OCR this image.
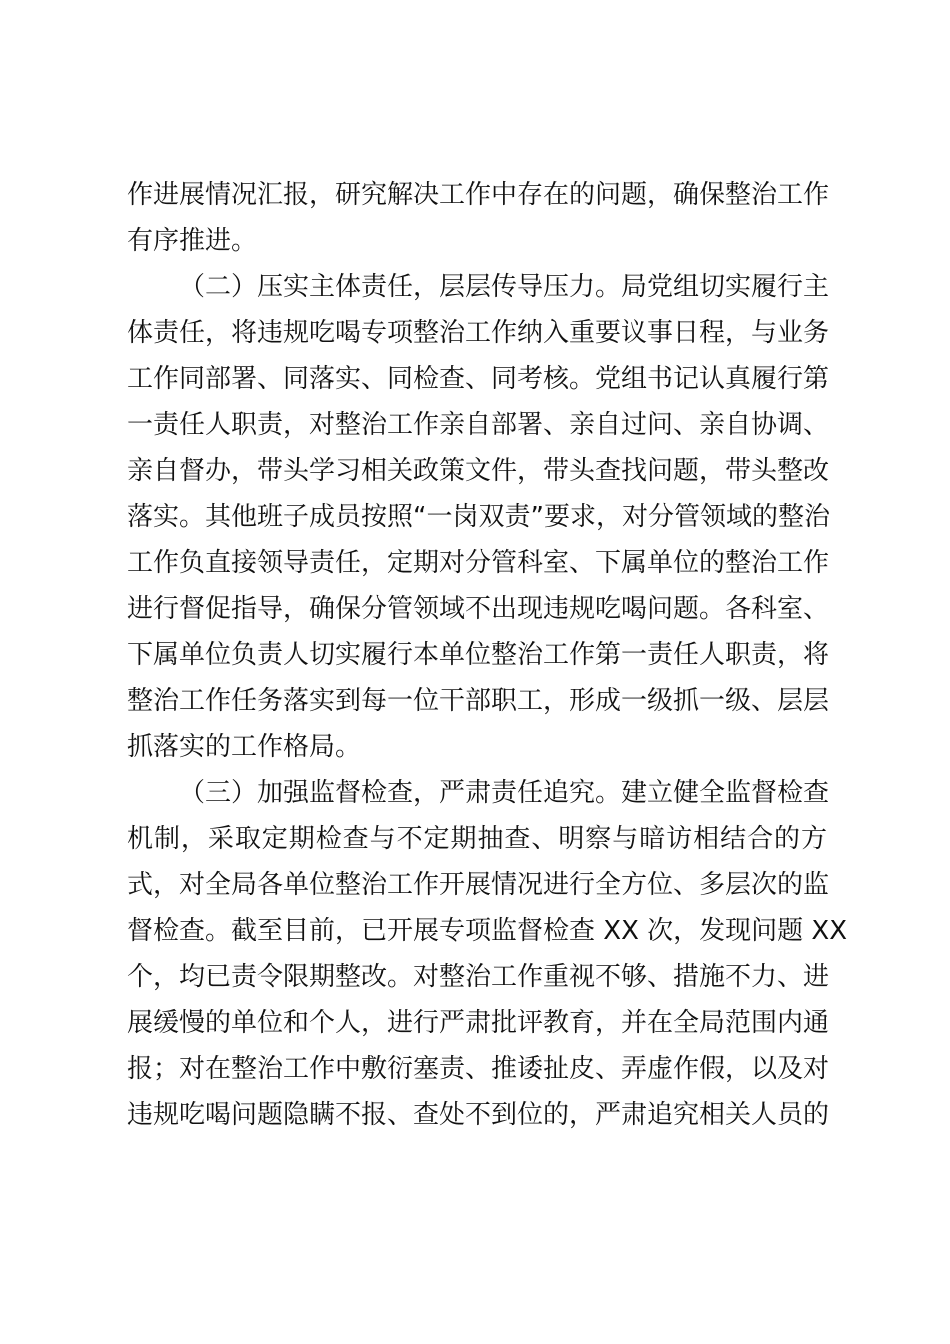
作进展情况汇报，研究解决工作中存在的问题，确保整治工作
有序推进。
（二）压实主体责任，层层传导压力。局党组切实履行主
体责任，将违规吃喝专项整治工作纳入重要议事日程，与业务
工作同部署、同落实、同检查、同考核。党组书记认真履行第
一责任人职责，对整治工作亲自部署、亲自过问、亲自协调、
亲自督办，带头学习相关政策文件，带头查找问题，带头整改
落实。其他班子成员按照“一岗双责”要求，对分管领域的整治
工作负直接领导责任，定期对分管科室、下属单位的整治工作
进行督促指导，确保分管领域不出现违规吃喝问题。各科室、
下属单位负责人切实履行本单位整治工作第一责任人职责，将
整治工作任务落实到每一位干部职工，形成一级抓一级、层层
抓落实的工作格局。
（三）加强监督检查，严肃责任追究。建立健全监督检查
机制，采取定期检查与不定期抽查、明察与暗访相结合的方
式，对全局各单位整治工作开展情况进行全方位、多层次的监
督检查。截至目前，已开展专项监督检查 XX 次，发现问题 XX
个，均已责令限期整改。对整治工作重视不够、措施不力、进
展缓慢的单位和个人，进行严肃批评教育，并在全局范围内通
报；对在整治工作中敷衍塞责、推诿扯皮、弄虚作假，以及对
违规吃喝问题隐瞒不报、查处不到位的，严肃追究相关人员的
